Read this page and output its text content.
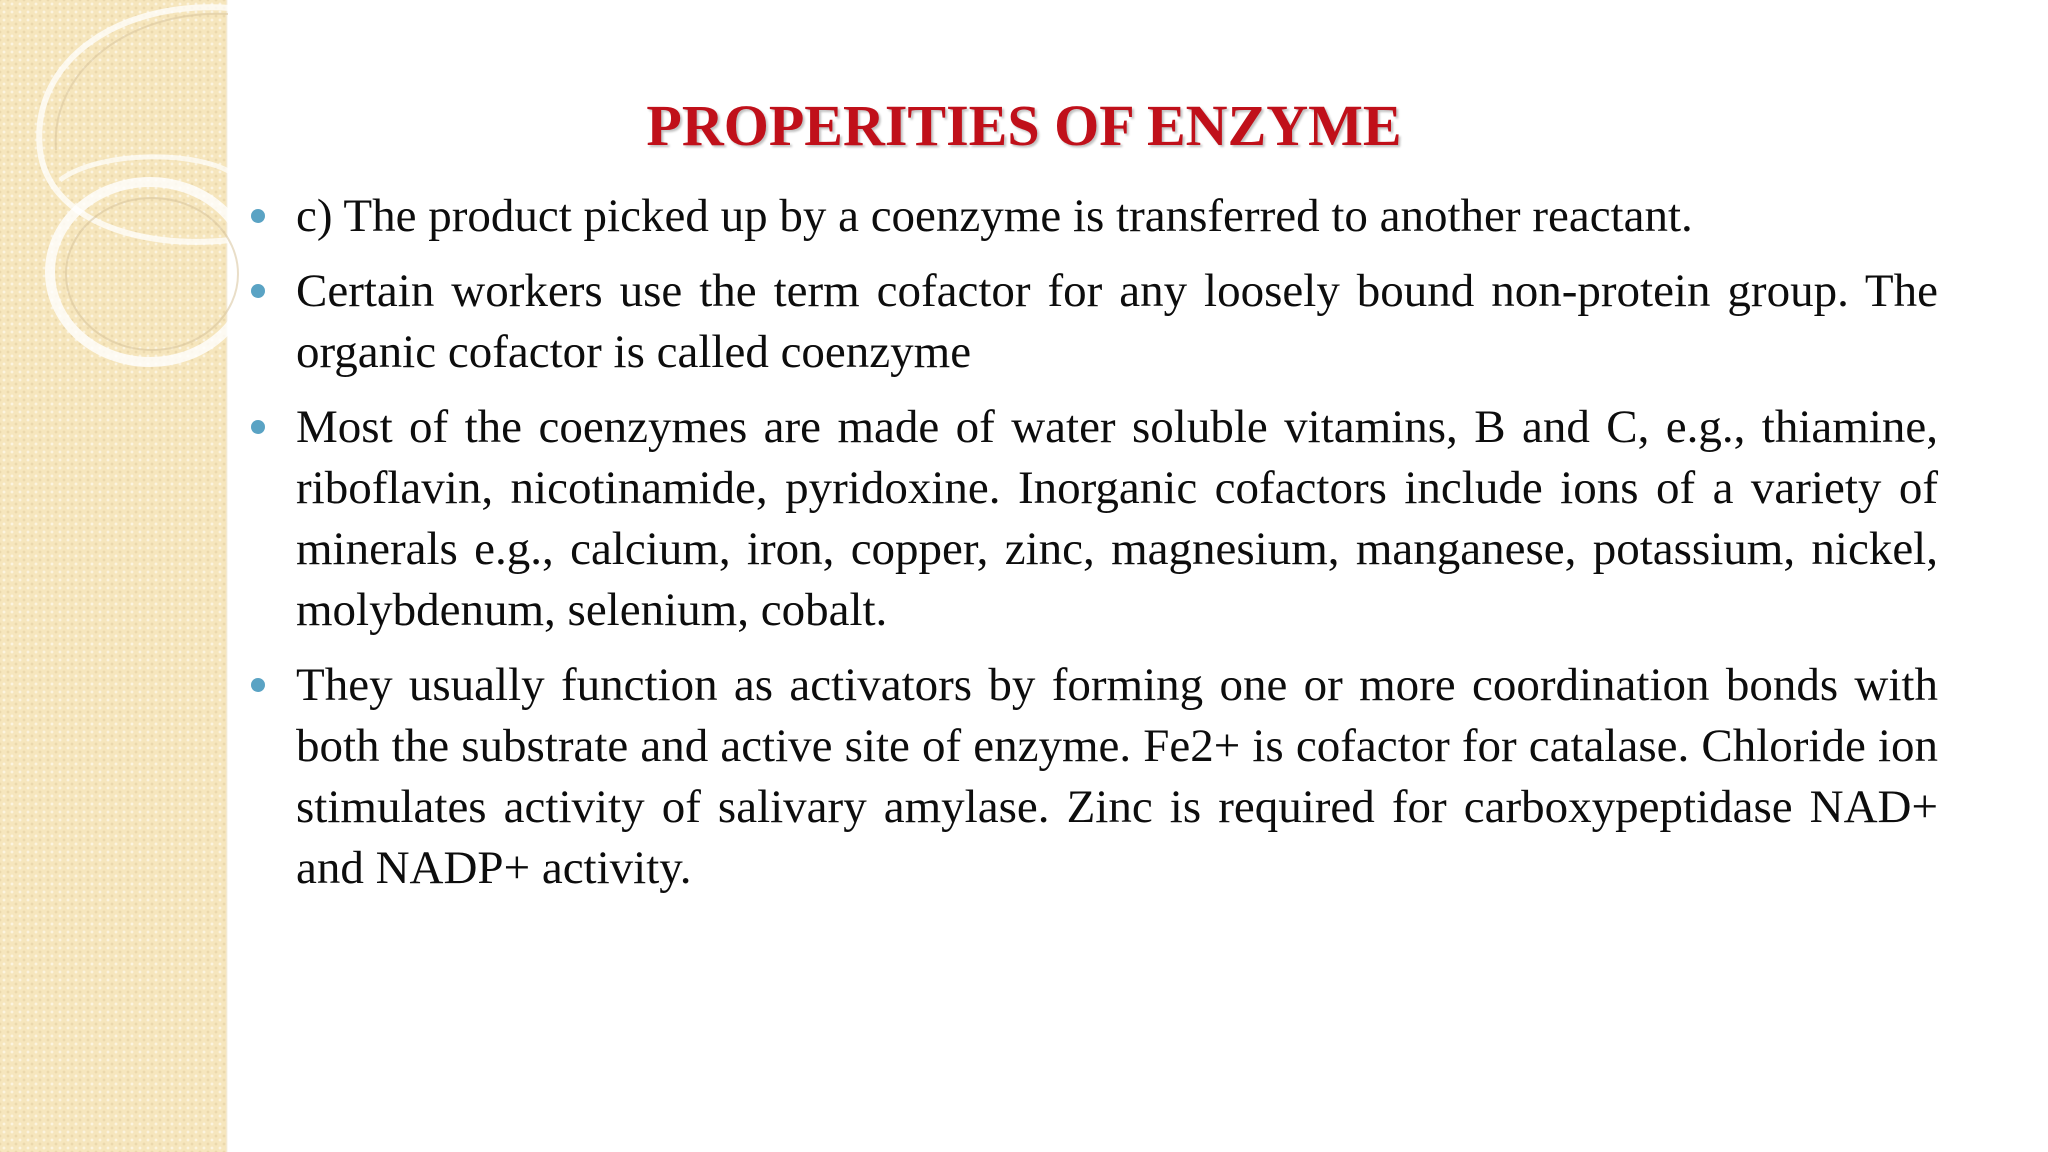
PROPERITIES OF ENZYME
c) The product picked up by a coenzyme is transferred to another reactant.
Certain workers use the term cofactor for any loosely bound non-protein group. The organic cofactor is called coenzyme
Most of the coenzymes are made of water soluble vitamins, B and C, e.g., thiamine, riboflavin, nicotinamide, pyridoxine. Inorganic cofactors include ions of a variety of minerals e.g., calcium, iron, copper, zinc, magnesium, manganese, potassium, nickel, molybdenum, selenium, cobalt.
They usually function as activators by forming one or more coordination bonds with both the substrate and active site of enzyme. Fe2+ is cofactor for catalase. Chloride ion stimulates activity of salivary amylase. Zinc is required for carboxypeptidase NAD+ and NADP+ activity.
